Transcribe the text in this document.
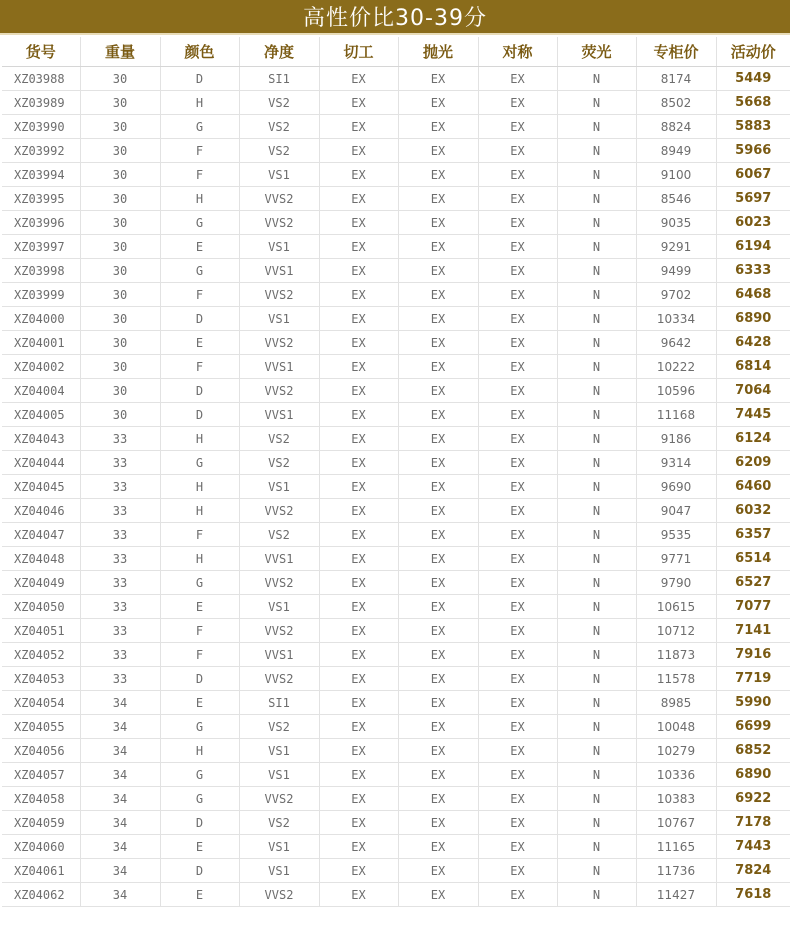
高性价比30-39分
货号	重量	颜色	净度	切工	抛光	对称	荧光	专柜价	活动价
XZ03988	30	D	SI1	EX	EX	EX	N	8174	5449
XZ03989	30	H	VS2	EX	EX	EX	N	8502	5668
XZ03990	30	G	VS2	EX	EX	EX	N	8824	5883
XZ03992	30	F	VS2	EX	EX	EX	N	8949	5966
XZ03994	30	F	VS1	EX	EX	EX	N	9100	6067
XZ03995	30	H	VVS2	EX	EX	EX	N	8546	5697
XZ03996	30	G	VVS2	EX	EX	EX	N	9035	6023
XZ03997	30	E	VS1	EX	EX	EX	N	9291	6194
XZ03998	30	G	VVS1	EX	EX	EX	N	9499	6333
XZ03999	30	F	VVS2	EX	EX	EX	N	9702	6468
XZ04000	30	D	VS1	EX	EX	EX	N	10334	6890
XZ04001	30	E	VVS2	EX	EX	EX	N	9642	6428
XZ04002	30	F	VVS1	EX	EX	EX	N	10222	6814
XZ04004	30	D	VVS2	EX	EX	EX	N	10596	7064
XZ04005	30	D	VVS1	EX	EX	EX	N	11168	7445
XZ04043	33	H	VS2	EX	EX	EX	N	9186	6124
XZ04044	33	G	VS2	EX	EX	EX	N	9314	6209
XZ04045	33	H	VS1	EX	EX	EX	N	9690	6460
XZ04046	33	H	VVS2	EX	EX	EX	N	9047	6032
XZ04047	33	F	VS2	EX	EX	EX	N	9535	6357
XZ04048	33	H	VVS1	EX	EX	EX	N	9771	6514
XZ04049	33	G	VVS2	EX	EX	EX	N	9790	6527
XZ04050	33	E	VS1	EX	EX	EX	N	10615	7077
XZ04051	33	F	VVS2	EX	EX	EX	N	10712	7141
XZ04052	33	F	VVS1	EX	EX	EX	N	11873	7916
XZ04053	33	D	VVS2	EX	EX	EX	N	11578	7719
XZ04054	34	E	SI1	EX	EX	EX	N	8985	5990
XZ04055	34	G	VS2	EX	EX	EX	N	10048	6699
XZ04056	34	H	VS1	EX	EX	EX	N	10279	6852
XZ04057	34	G	VS1	EX	EX	EX	N	10336	6890
XZ04058	34	G	VVS2	EX	EX	EX	N	10383	6922
XZ04059	34	D	VS2	EX	EX	EX	N	10767	7178
XZ04060	34	E	VS1	EX	EX	EX	N	11165	7443
XZ04061	34	D	VS1	EX	EX	EX	N	11736	7824
XZ04062	34	E	VVS2	EX	EX	EX	N	11427	7618
